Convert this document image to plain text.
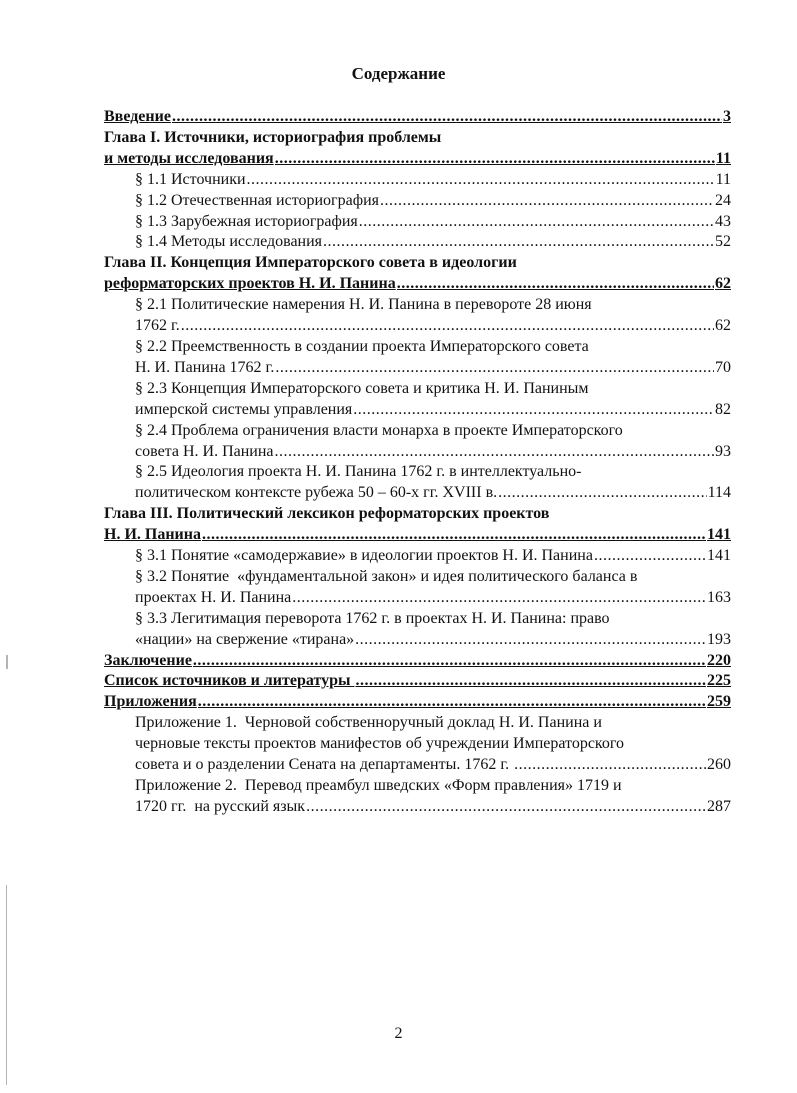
Содержание
Введение .....	3
Глава I. Источники, историография проблемы
и методы исследования .....	11
§ 1.1 Источники .....	11
§ 1.2 Отечественная историография .....	24
§ 1.3 Зарубежная историография .....	43
§ 1.4 Методы исследования .....	52
Глава II. Концепция Императорского совета в идеологии
реформаторских проектов Н. И. Панина .....	62
§ 2.1 Политические намерения Н. И. Панина в перевороте 28 июня
1762 г. .....	62
§ 2.2 Преемственность в создании проекта Императорского совета
Н. И. Панина 1762 г. .....	70
§ 2.3 Концепция Императорского совета и критика Н. И. Паниным
имперской системы управления .....	82
§ 2.4 Проблема ограничения власти монарха в проекте Императорского
совета Н. И. Панина .....	93
§ 2.5 Идеология проекта Н. И. Панина 1762 г. в интеллектуально-
политическом контексте рубежа 50 – 60-х гг. XVIII в. .....	114
Глава III. Политический лексикон реформаторских проектов
Н. И. Панина .....	141
§ 3.1 Понятие «самодержавие» в идеологии проектов Н. И. Панина .....	141
§ 3.2 Понятие  «фундаментальной закон» и идея политического баланса в
проектах Н. И. Панина .....	163
§ 3.3 Легитимация переворота 1762 г. в проектах Н. И. Панина: право
«нации» на свержение «тирана» .....	193
Заключение .....	220
Список источников и литературы .....	225
Приложения .....	259
Приложение 1.  Черновой собственноручный доклад Н. И. Панина и
черновые тексты проектов манифестов об учреждении Императорского
совета и о разделении Сената на департаменты. 1762 г. .....	260
Приложение 2.  Перевод преамбул шведских «Форм правления» 1719 и
1720 гг.  на русский язык .....	287
2
